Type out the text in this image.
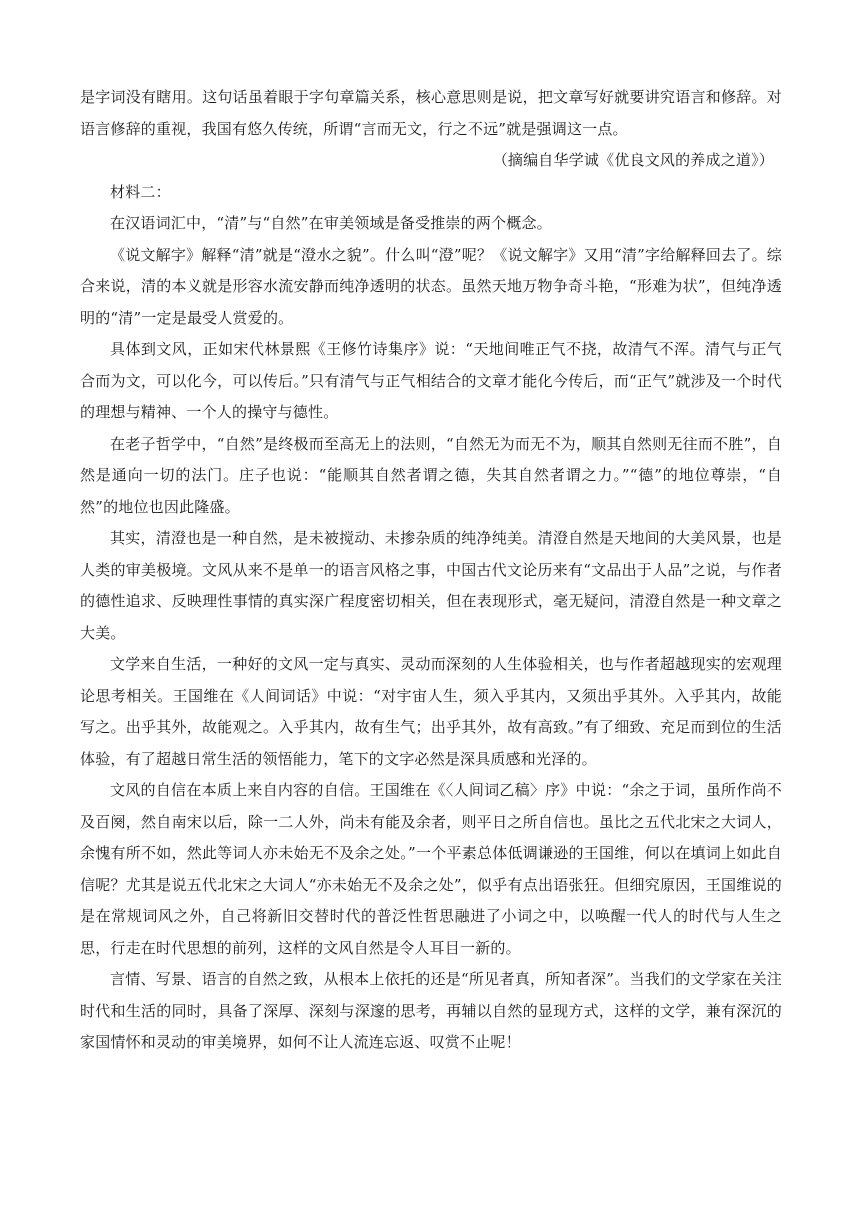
是字词没有瞎用。这句话虽着眼于字句章篇关系，核心意思则是说，把文章写好就要讲究语言和修辞。对语言修辞的重视，我国有悠久传统，所谓“言而无文，行之不远”就是强调这一点。

（摘编自华学诚《优良文风的养成之道》）

材料二：

在汉语词汇中，“清”与“自然”在审美领域是备受推崇的两个概念。

《说文解字》解释“清”就是“澄水之貌”。什么叫“澄”呢？《说文解字》又用“清”字给解释回去了。综合来说，清的本义就是形容水流安静而纯净透明的状态。虽然天地万物争奇斗艳，“形难为状”，但纯净透明的“清”一定是最受人赏爱的。

具体到文风，正如宋代林景熙《王修竹诗集序》说：“天地间唯正气不挠，故清气不浑。清气与正气合而为文，可以化今，可以传后。”只有清气与正气相结合的文章才能化今传后，而“正气”就涉及一个时代的理想与精神、一个人的操守与德性。

在老子哲学中，“自然”是终极而至高无上的法则，“自然无为而无不为，顺其自然则无往而不胜”，自然是通向一切的法门。庄子也说：“能顺其自然者谓之德，失其自然者谓之力。”“德”的地位尊崇，“自然”的地位也因此隆盛。

其实，清澄也是一种自然，是未被搅动、未掺杂质的纯净纯美。清澄自然是天地间的大美风景，也是人类的审美极境。文风从来不是单一的语言风格之事，中国古代文论历来有“文品出于人品”之说，与作者的德性追求、反映理性事情的真实深广程度密切相关，但在表现形式，毫无疑问，清澄自然是一种文章之大美。

文学来自生活，一种好的文风一定与真实、灵动而深刻的人生体验相关，也与作者超越现实的宏观理论思考相关。王国维在《人间词话》中说：“对宇宙人生，须入乎其内，又须出乎其外。入乎其内，故能写之。出乎其外，故能观之。入乎其内，故有生气；出乎其外，故有高致。”有了细致、充足而到位的生活体验，有了超越日常生活的领悟能力，笔下的文字必然是深具质感和光泽的。

文风的自信在本质上来自内容的自信。王国维在《〈人间词乙稿〉序》中说：“余之于词，虽所作尚不及百阕，然自南宋以后，除一二人外，尚未有能及余者，则平日之所自信也。虽比之五代北宋之大词人，余愧有所不如，然此等词人亦未始无不及余之处。”一个平素总体低调谦逊的王国维，何以在填词上如此自信呢？尤其是说五代北宋之大词人“亦未始无不及余之处”，似乎有点出语张狂。但细究原因，王国维说的是在常规词风之外，自己将新旧交替时代的普泛性哲思融进了小词之中，以唤醒一代人的时代与人生之思，行走在时代思想的前列，这样的文风自然是令人耳目一新的。

言情、写景、语言的自然之致，从根本上依托的还是“所见者真，所知者深”。当我们的文学家在关注时代和生活的同时，具备了深厚、深刻与深邃的思考，再辅以自然的显现方式，这样的文学，兼有深沉的家国情怀和灵动的审美境界，如何不让人流连忘返、叹赏不止呢！
